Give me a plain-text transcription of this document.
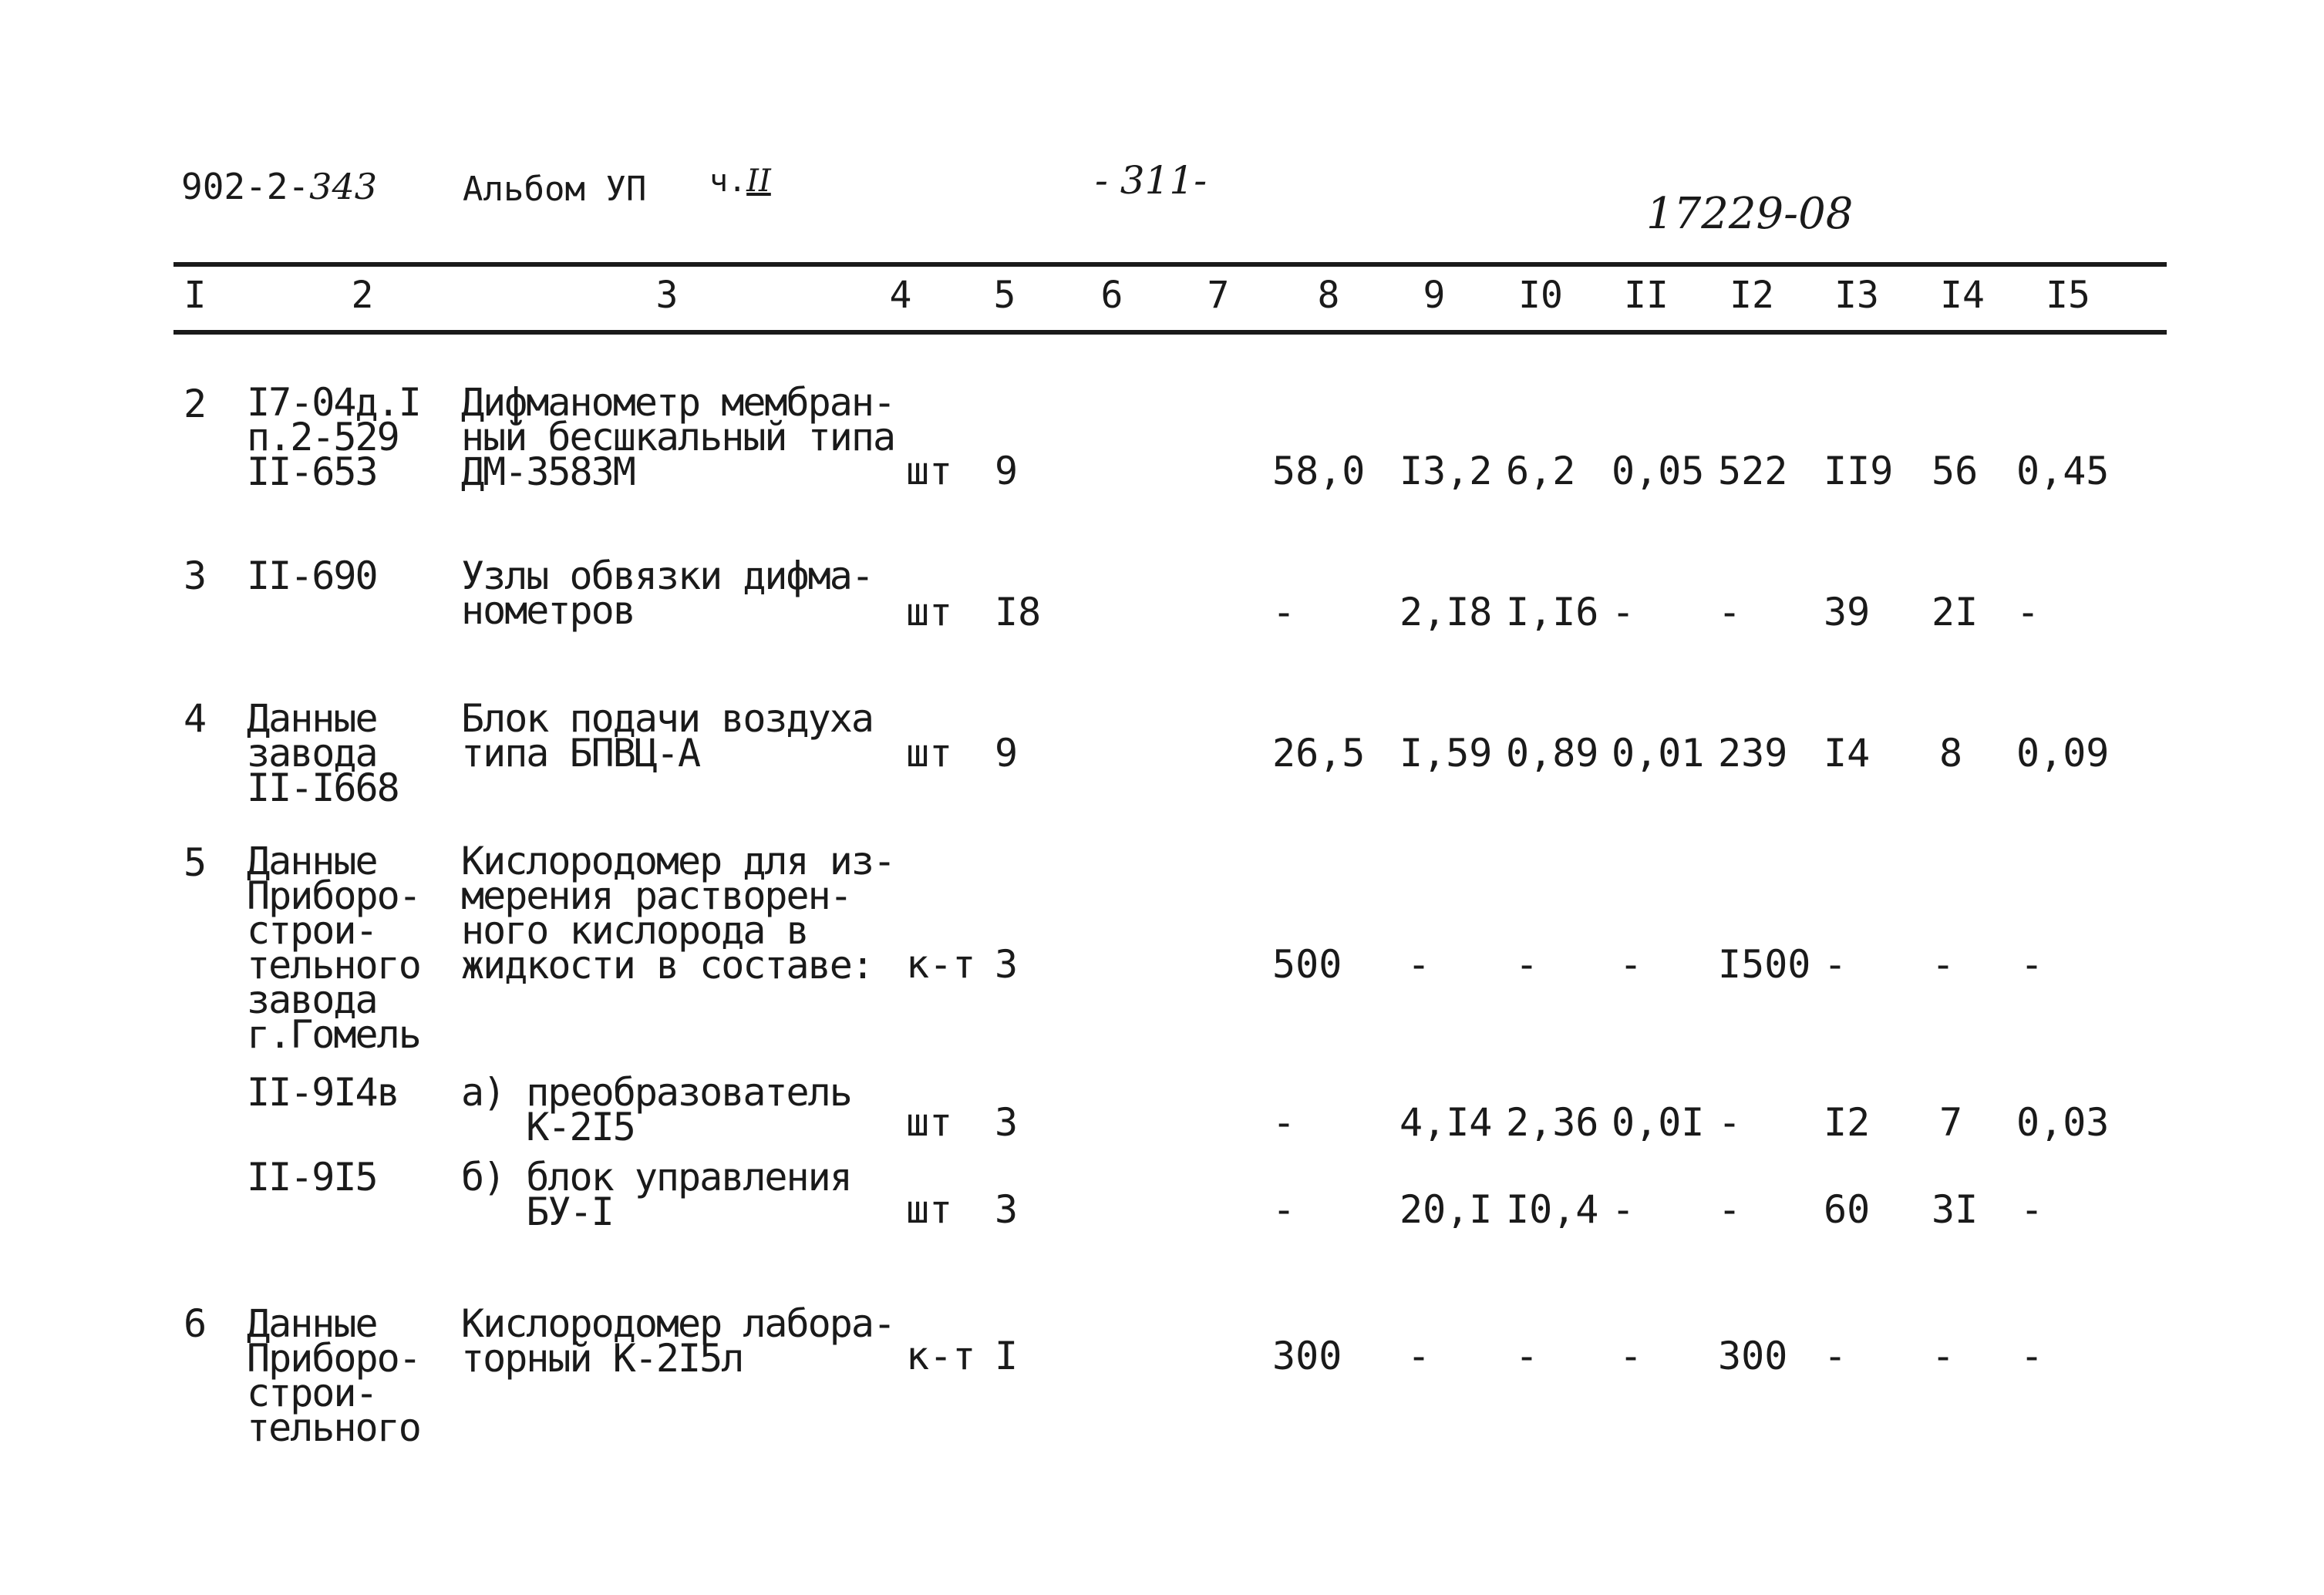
902-2-343	Альбом УП ч.II	- 311-
17229-08
I	2	3	4	5	6	7	8	9	I0	II	I2	I3	I4	I5
2 I7-04д.I
п.2-529
II-653
Дифманометр мембран-
ный бесшкальный типа
ДМ-3583М	шт 9	58,0 I3,2 6,2 0,05 522 II9 56 0,45
3 II-690 Узлы обвязки дифма-
нометров	шт I8	-	2,I8 I,I6 - - 39 2I -
4 Данные
завода
II-I668
Блок подачи воздуха
типа БПВЦ-А	шт 9	26,5 I,59 0,89 0,01 239 I4 8 0,09
5 Данные
Приборо-
строи-
тельного
завода
г.Гомель
Кислородомер для из-
мерения растворен-
ного кислорода в
жидкости в составе: к-т 3	500 - - - I500 - - -
II-9I4в а) преобразователь
К-2I5	шт 3	-	4,I4 2,36 0,0I - I2 7 0,03
II-9I5 б) блок управления
БУ-I	шт 3	-	20,I I0,4 - - 60 3I -
6 Данные
Приборо-
строи-
тельного
Кислородомер лабора-
торный К-2I5л	к-т I	300 - - - 300 - - -
